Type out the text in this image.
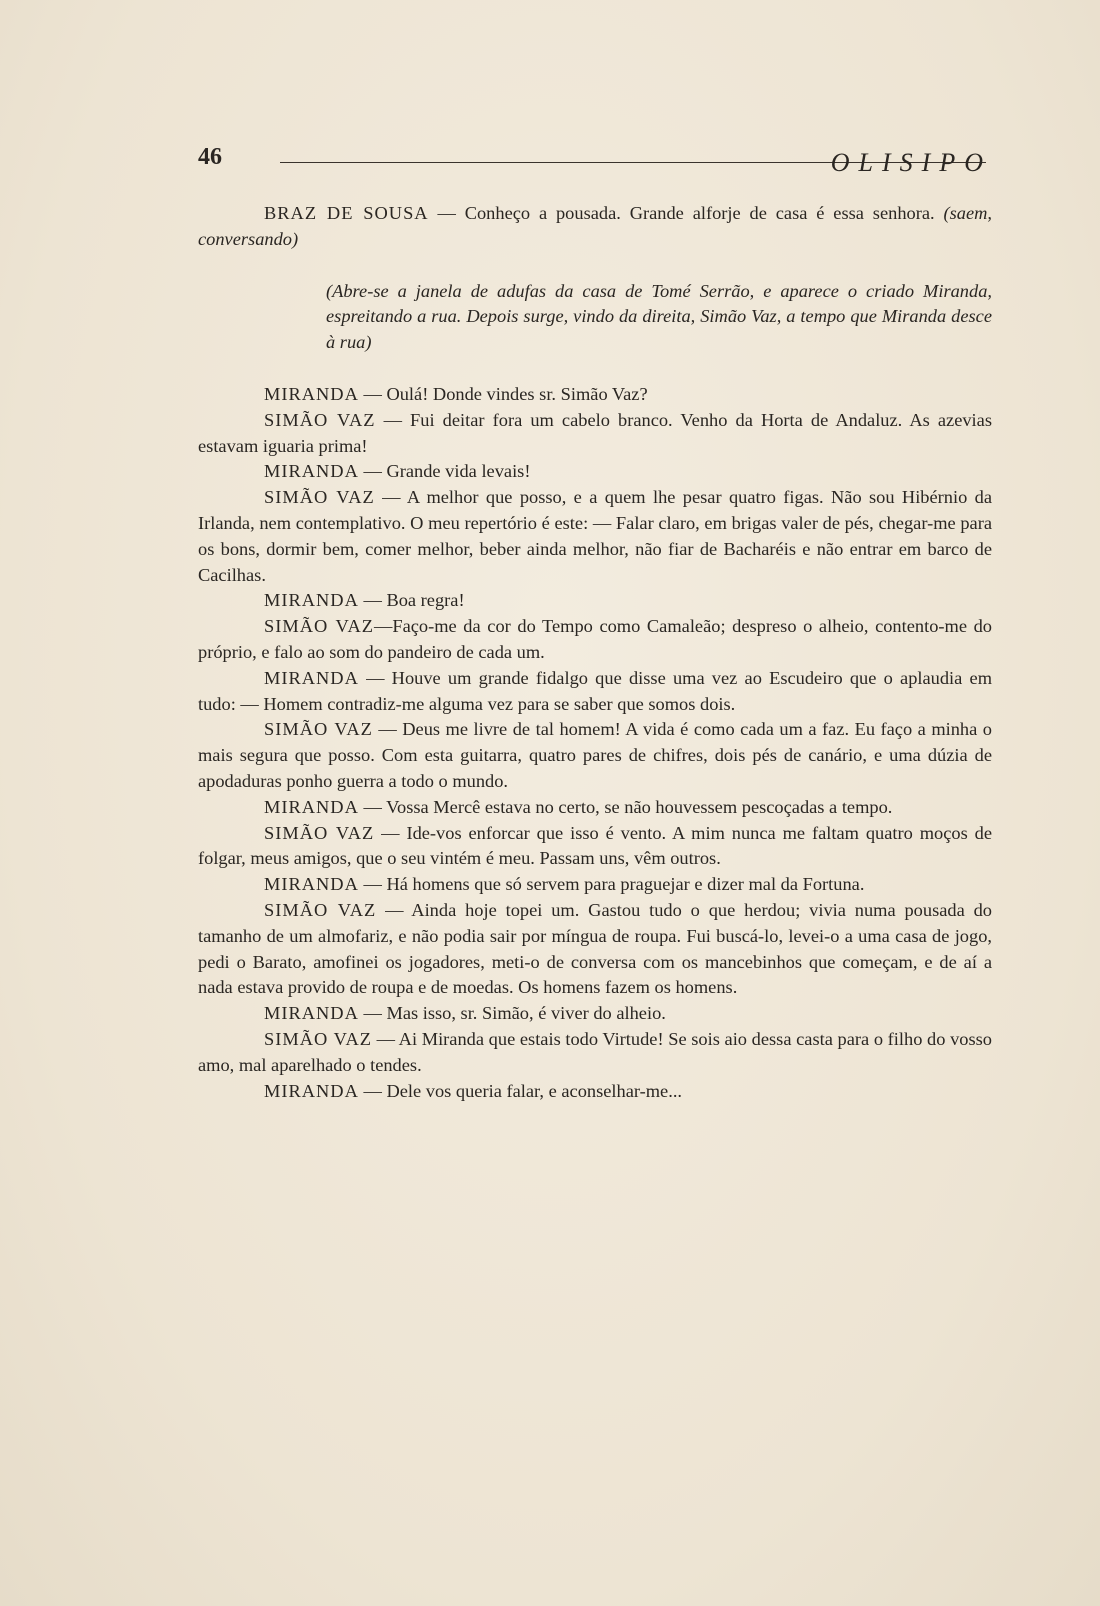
46	OLISIPO

BRAZ DE SOUSA — Conheço a pousada. Grande alforje de casa é essa senhora. (saem, conversando)

(Abre-se a janela de adufas da casa de Tomé Serrão, e aparece o criado Miranda, espreitando a rua. Depois surge, vindo da direita, Simão Vaz, a tempo que Miranda desce à rua)

MIRANDA — Oulá! Donde vindes sr. Simão Vaz?

SIMÃO VAZ — Fui deitar fora um cabelo branco. Venho da Horta de Andaluz. As azevias estavam iguaria prima!

MIRANDA — Grande vida levais!

SIMÃO VAZ — A melhor que posso, e a quem lhe pesar quatro figas. Não sou Hibérnio da Irlanda, nem contemplativo. O meu repertório é este: — Falar claro, em brigas valer de pés, chegar-me para os bons, dormir bem, comer melhor, beber ainda melhor, não fiar de Bacharéis e não entrar em barco de Cacilhas.

MIRANDA — Boa regra!

SIMÃO VAZ—Faço-me da cor do Tempo como Camaleão; despreso o alheio, contento-me do próprio, e falo ao som do pandeiro de cada um.

MIRANDA — Houve um grande fidalgo que disse uma vez ao Escudeiro que o aplaudia em tudo: — Homem contradiz-me alguma vez para se saber que somos dois.

SIMÃO VAZ — Deus me livre de tal homem! A vida é como cada um a faz. Eu faço a minha o mais segura que posso. Com esta guitarra, quatro pares de chifres, dois pés de canário, e uma dúzia de apodaduras ponho guerra a todo o mundo.

MIRANDA — Vossa Mercê estava no certo, se não houvessem pescoçadas a tempo.

SIMÃO VAZ — Ide-vos enforcar que isso é vento. A mim nunca me faltam quatro moços de folgar, meus amigos, que o seu vintém é meu. Passam uns, vêm outros.

MIRANDA — Há homens que só servem para praguejar e dizer mal da Fortuna.

SIMÃO VAZ — Ainda hoje topei um. Gastou tudo o que herdou; vivia numa pousada do tamanho de um almofariz, e não podia sair por míngua de roupa. Fui buscá-lo, levei-o a uma casa de jogo, pedi o Barato, amofinei os jogadores, meti-o de conversa com os mancebinhos que começam, e de aí a nada estava provido de roupa e de moedas. Os homens fazem os homens.

MIRANDA — Mas isso, sr. Simão, é viver do alheio.

SIMÃO VAZ — Ai Miranda que estais todo Virtude! Se sois aio dessa casta para o filho do vosso amo, mal aparelhado o tendes.

MIRANDA — Dele vos queria falar, e aconselhar-me...
